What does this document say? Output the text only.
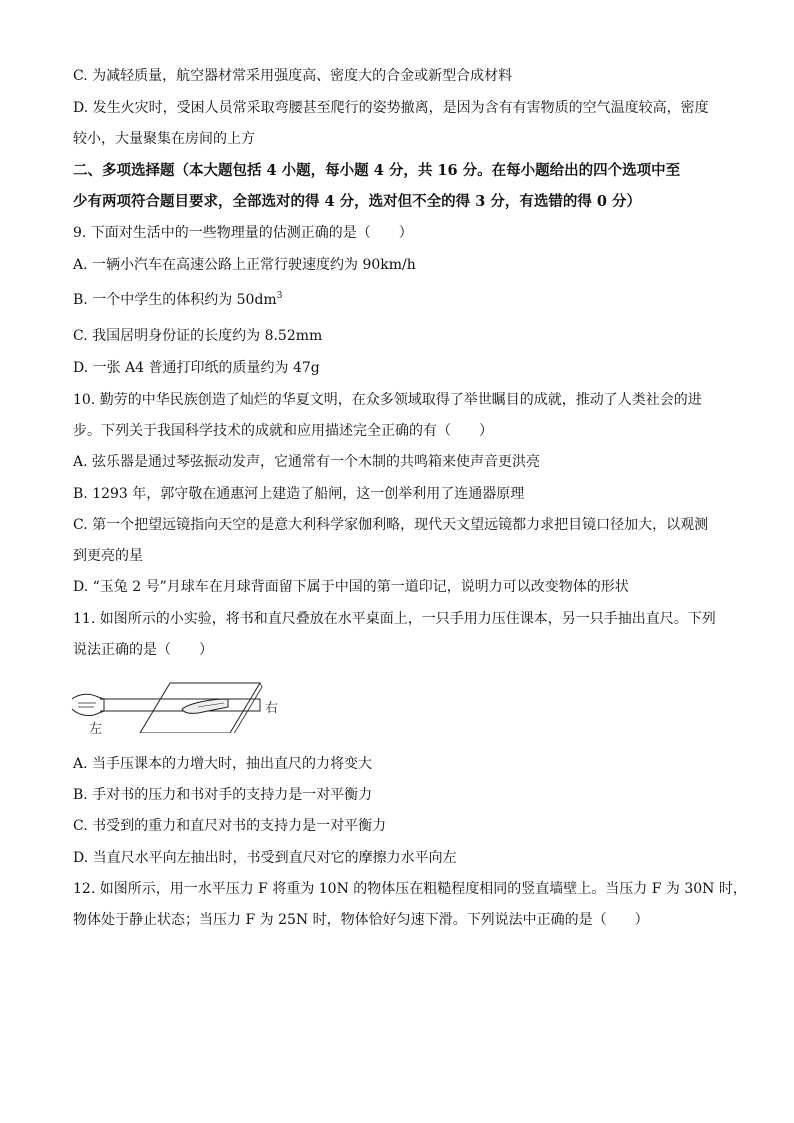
C. 为减轻质量，航空器材常采用强度高、密度大的合金或新型合成材料
D. 发生火灾时，受困人员常采取弯腰甚至爬行的姿势撤离，是因为含有有害物质的空气温度较高，密度
较小，大量聚集在房间的上方
二、多项选择题（本大题包括 4 小题，每小题 4 分，共 16 分。在每小题给出的四个选项中至
少有两项符合题目要求，全部选对的得 4 分，选对但不全的得 3 分，有选错的得 0 分）
9. 下面对生活中的一些物理量的估测正确的是（　　）
A. 一辆小汽车在高速公路上正常行驶速度约为 90km/h
B. 一个中学生的体积约为 $50dm^3$
C. 我国居明身份证的长度约为 8.52mm
D. 一张 A4 普通打印纸的质量约为 47g
10. 勤劳的中华民族创造了灿烂的华夏文明，在众多领域取得了举世瞩目的成就，推动了人类社会的进
步。下列关于我国科学技术的成就和应用描述完全正确的有（　　）
A. 弦乐器是通过琴弦振动发声，它通常有一个木制的共鸣箱来使声音更洪亮
B. 1293 年，郭守敬在通惠河上建造了船闸，这一创举利用了连通器原理
C. 第一个把望远镜指向天空的是意大利科学家伽利略，现代天文望远镜都力求把目镜口径加大，以观测
到更亮的星
D. “玉兔 2 号”月球车在月球背面留下属于中国的第一道印记，说明力可以改变物体的形状
11. 如图所示的小实验，将书和直尺叠放在水平桌面上，一只手用力压住课本，另一只手抽出直尺。下列
说法正确的是（　　）
左
右
A. 当手压课本的力增大时，抽出直尺的力将变大
B. 手对书的压力和书对手的支持力是一对平衡力
C. 书受到的重力和直尺对书的支持力是一对平衡力
D. 当直尺水平向左抽出时，书受到直尺对它的摩擦力水平向左
12. 如图所示，用一水平压力 F 将重为 10N 的物体压在粗糙程度相同的竖直墙壁上。当压力 F 为 30N 时，
物体处于静止状态；当压力 F 为 25N 时，物体恰好匀速下滑。下列说法中正确的是（　　）
